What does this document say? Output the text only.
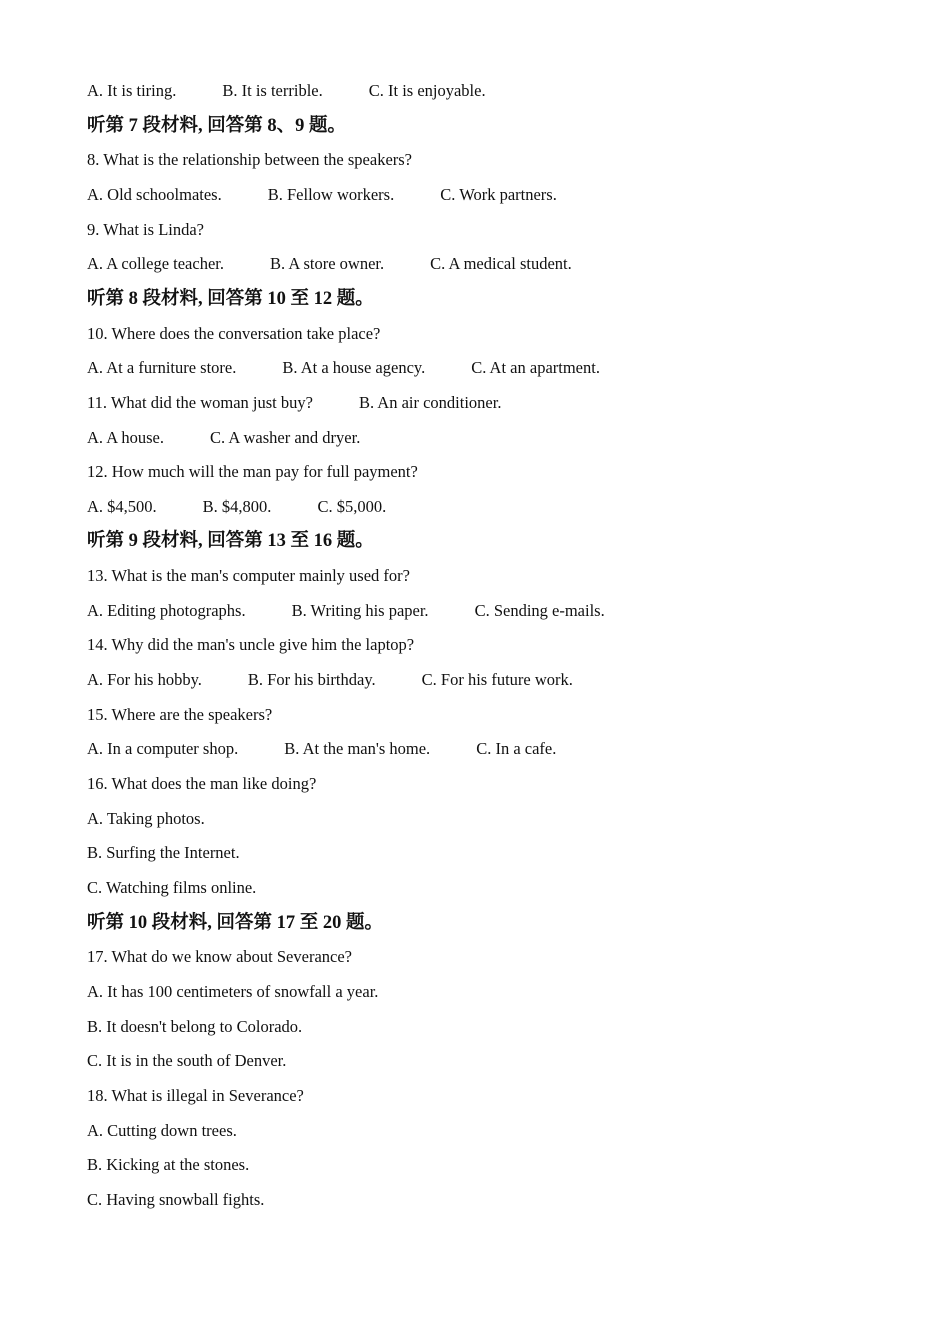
A. It is tiring.	B. It is terrible.	C. It is enjoyable.
听第 7 段材料, 回答第 8、9 题。
8. What is the relationship between the speakers?
A. Old schoolmates.	B. Fellow workers.	C. Work partners.
9. What is Linda?
A. A college teacher.	B. A store owner.	C. A medical student.
听第 8 段材料, 回答第 10 至 12 题。
10. Where does the conversation take place?
A. At a furniture store.	B. At a house agency.	C. At an apartment.
11. What did the woman just buy?	B. An air conditioner.
A. A house.	C. A washer and dryer.
12. How much will the man pay for full payment?
A. $4,500.	B. $4,800.	C. $5,000.
听第 9 段材料, 回答第 13 至 16 题。
13. What is the man's computer mainly used for?
A. Editing photographs.	B. Writing his paper.	C. Sending e-mails.
14. Why did the man's uncle give him the laptop?
A. For his hobby.	B. For his birthday.	C. For his future work.
15. Where are the speakers?
A. In a computer shop.	B. At the man's home.	C. In a cafe.
16. What does the man like doing?
A. Taking photos.
B. Surfing the Internet.
C. Watching films online.
听第 10 段材料, 回答第 17 至 20 题。
17. What do we know about Severance?
A. It has 100 centimeters of snowfall a year.
B. It doesn't belong to Colorado.
C. It is in the south of Denver.
18. What is illegal in Severance?
A. Cutting down trees.
B. Kicking at the stones.
C. Having snowball fights.
